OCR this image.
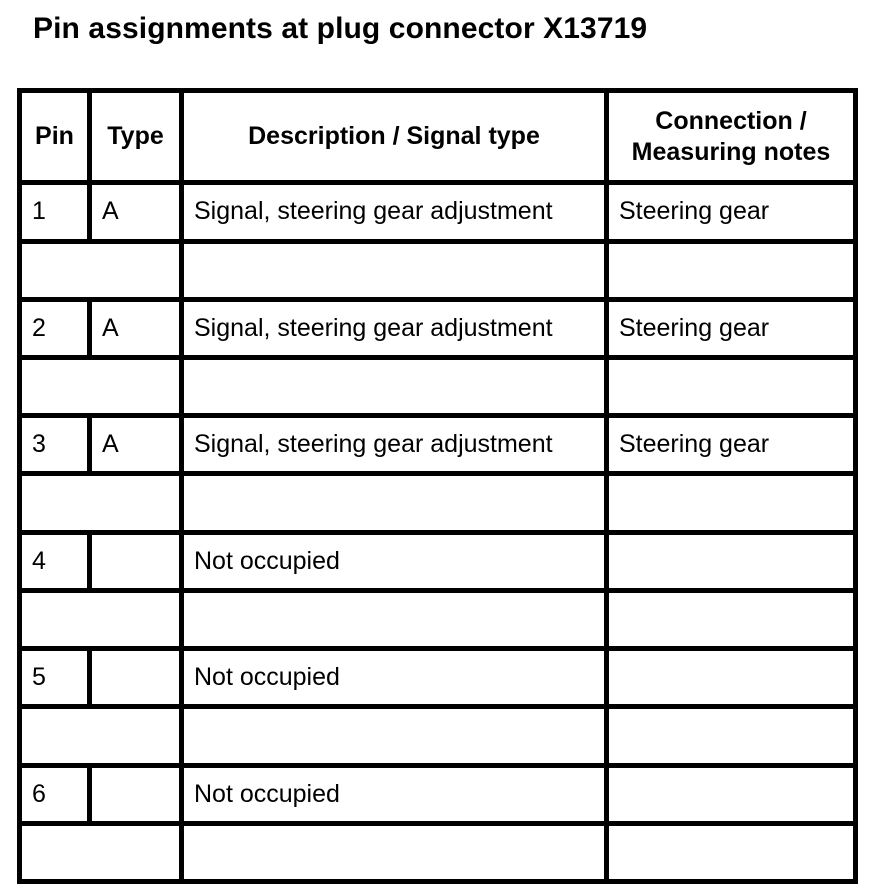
Pin assignments at plug connector X13719
Pin	Type	Description / Signal type	Connection /
Measuring notes
1	A	Signal, steering gear adjustment	Steering gear

2	A	Signal, steering gear adjustment	Steering gear

3	A	Signal, steering gear adjustment	Steering gear

4		Not occupied	

5		Not occupied	

6		Not occupied	
